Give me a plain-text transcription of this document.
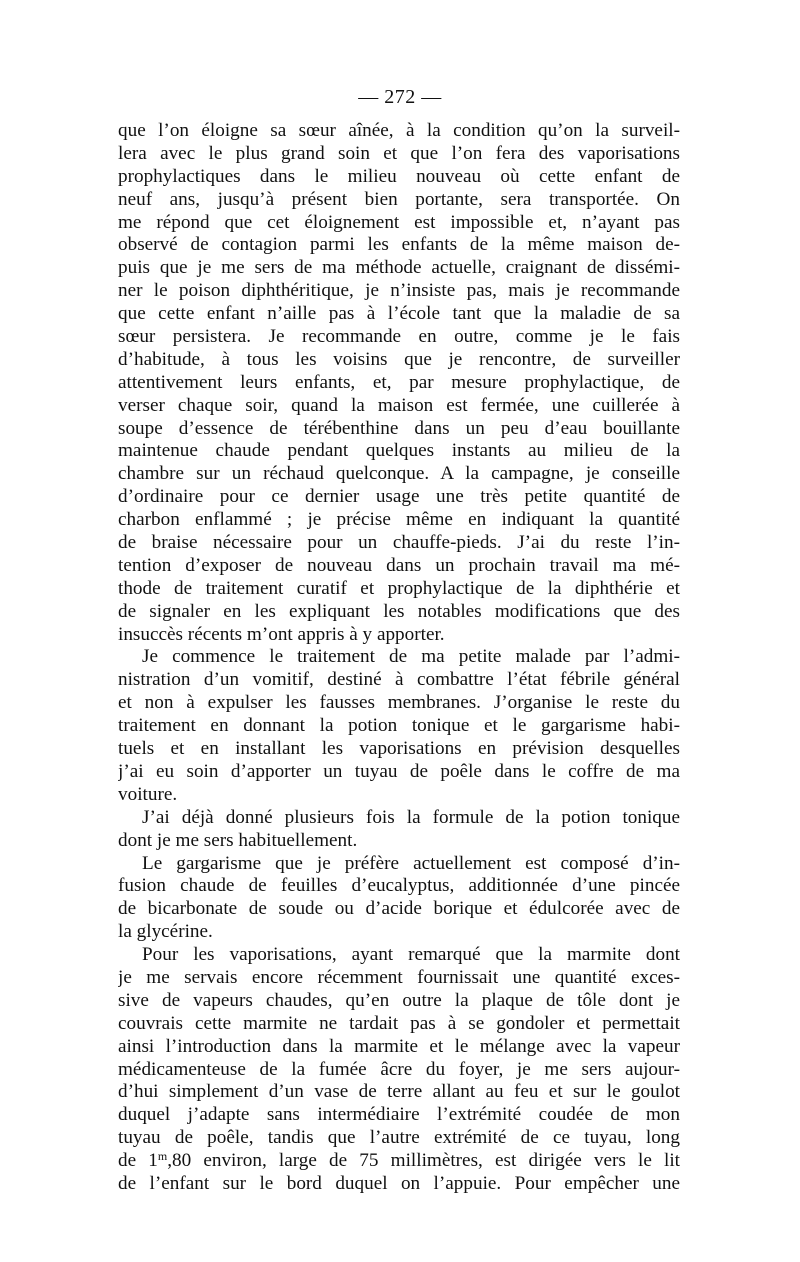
— 272 —
que l’on éloigne sa sœur aînée, à la condition qu’on la surveil-
lera avec le plus grand soin et que l’on fera des vaporisations
prophylactiques dans le milieu nouveau où cette enfant de
neuf ans, jusqu’à présent bien portante, sera transportée. On
me répond que cet éloignement est impossible et, n’ayant pas
observé de contagion parmi les enfants de la même maison de-
puis que je me sers de ma méthode actuelle, craignant de dissémi-
ner le poison diphthéritique, je n’insiste pas, mais je recommande
que cette enfant n’aille pas à l’école tant que la maladie de sa
sœur persistera. Je recommande en outre, comme je le fais
d’habitude, à tous les voisins que je rencontre, de surveiller
attentivement leurs enfants, et, par mesure prophylactique, de
verser chaque soir, quand la maison est fermée, une cuillerée à
soupe d’essence de térébenthine dans un peu d’eau bouillante
maintenue chaude pendant quelques instants au milieu de la
chambre sur un réchaud quelconque. A la campagne, je conseille
d’ordinaire pour ce dernier usage une très petite quantité de
charbon enflammé ; je précise même en indiquant la quantité
de braise nécessaire pour un chauffe-pieds. J’ai du reste l’in-
tention d’exposer de nouveau dans un prochain travail ma mé-
thode de traitement curatif et prophylactique de la diphthérie et
de signaler en les expliquant les notables modifications que des
insuccès récents m’ont appris à y apporter.
Je commence le traitement de ma petite malade par l’admi-
nistration d’un vomitif, destiné à combattre l’état fébrile général
et non à expulser les fausses membranes. J’organise le reste du
traitement en donnant la potion tonique et le gargarisme habi-
tuels et en installant les vaporisations en prévision desquelles
j’ai eu soin d’apporter un tuyau de poêle dans le coffre de ma
voiture.
J’ai déjà donné plusieurs fois la formule de la potion tonique
dont je me sers habituellement.
Le gargarisme que je préfère actuellement est composé d’in-
fusion chaude de feuilles d’eucalyptus, additionnée d’une pincée
de bicarbonate de soude ou d’acide borique et édulcorée avec de
la glycérine.
Pour les vaporisations, ayant remarqué que la marmite dont
je me servais encore récemment fournissait une quantité exces-
sive de vapeurs chaudes, qu’en outre la plaque de tôle dont je
couvrais cette marmite ne tardait pas à se gondoler et permettait
ainsi l’introduction dans la marmite et le mélange avec la vapeur
médicamenteuse de la fumée âcre du foyer, je me sers aujour-
d’hui simplement d’un vase de terre allant au feu et sur le goulot
duquel j’adapte sans intermédiaire l’extrémité coudée de mon
tuyau de poêle, tandis que l’autre extrémité de ce tuyau, long
de 1$^m$,80 environ, large de 75 millimètres, est dirigée vers le lit
de l’enfant sur le bord duquel on l’appuie. Pour empêcher une
